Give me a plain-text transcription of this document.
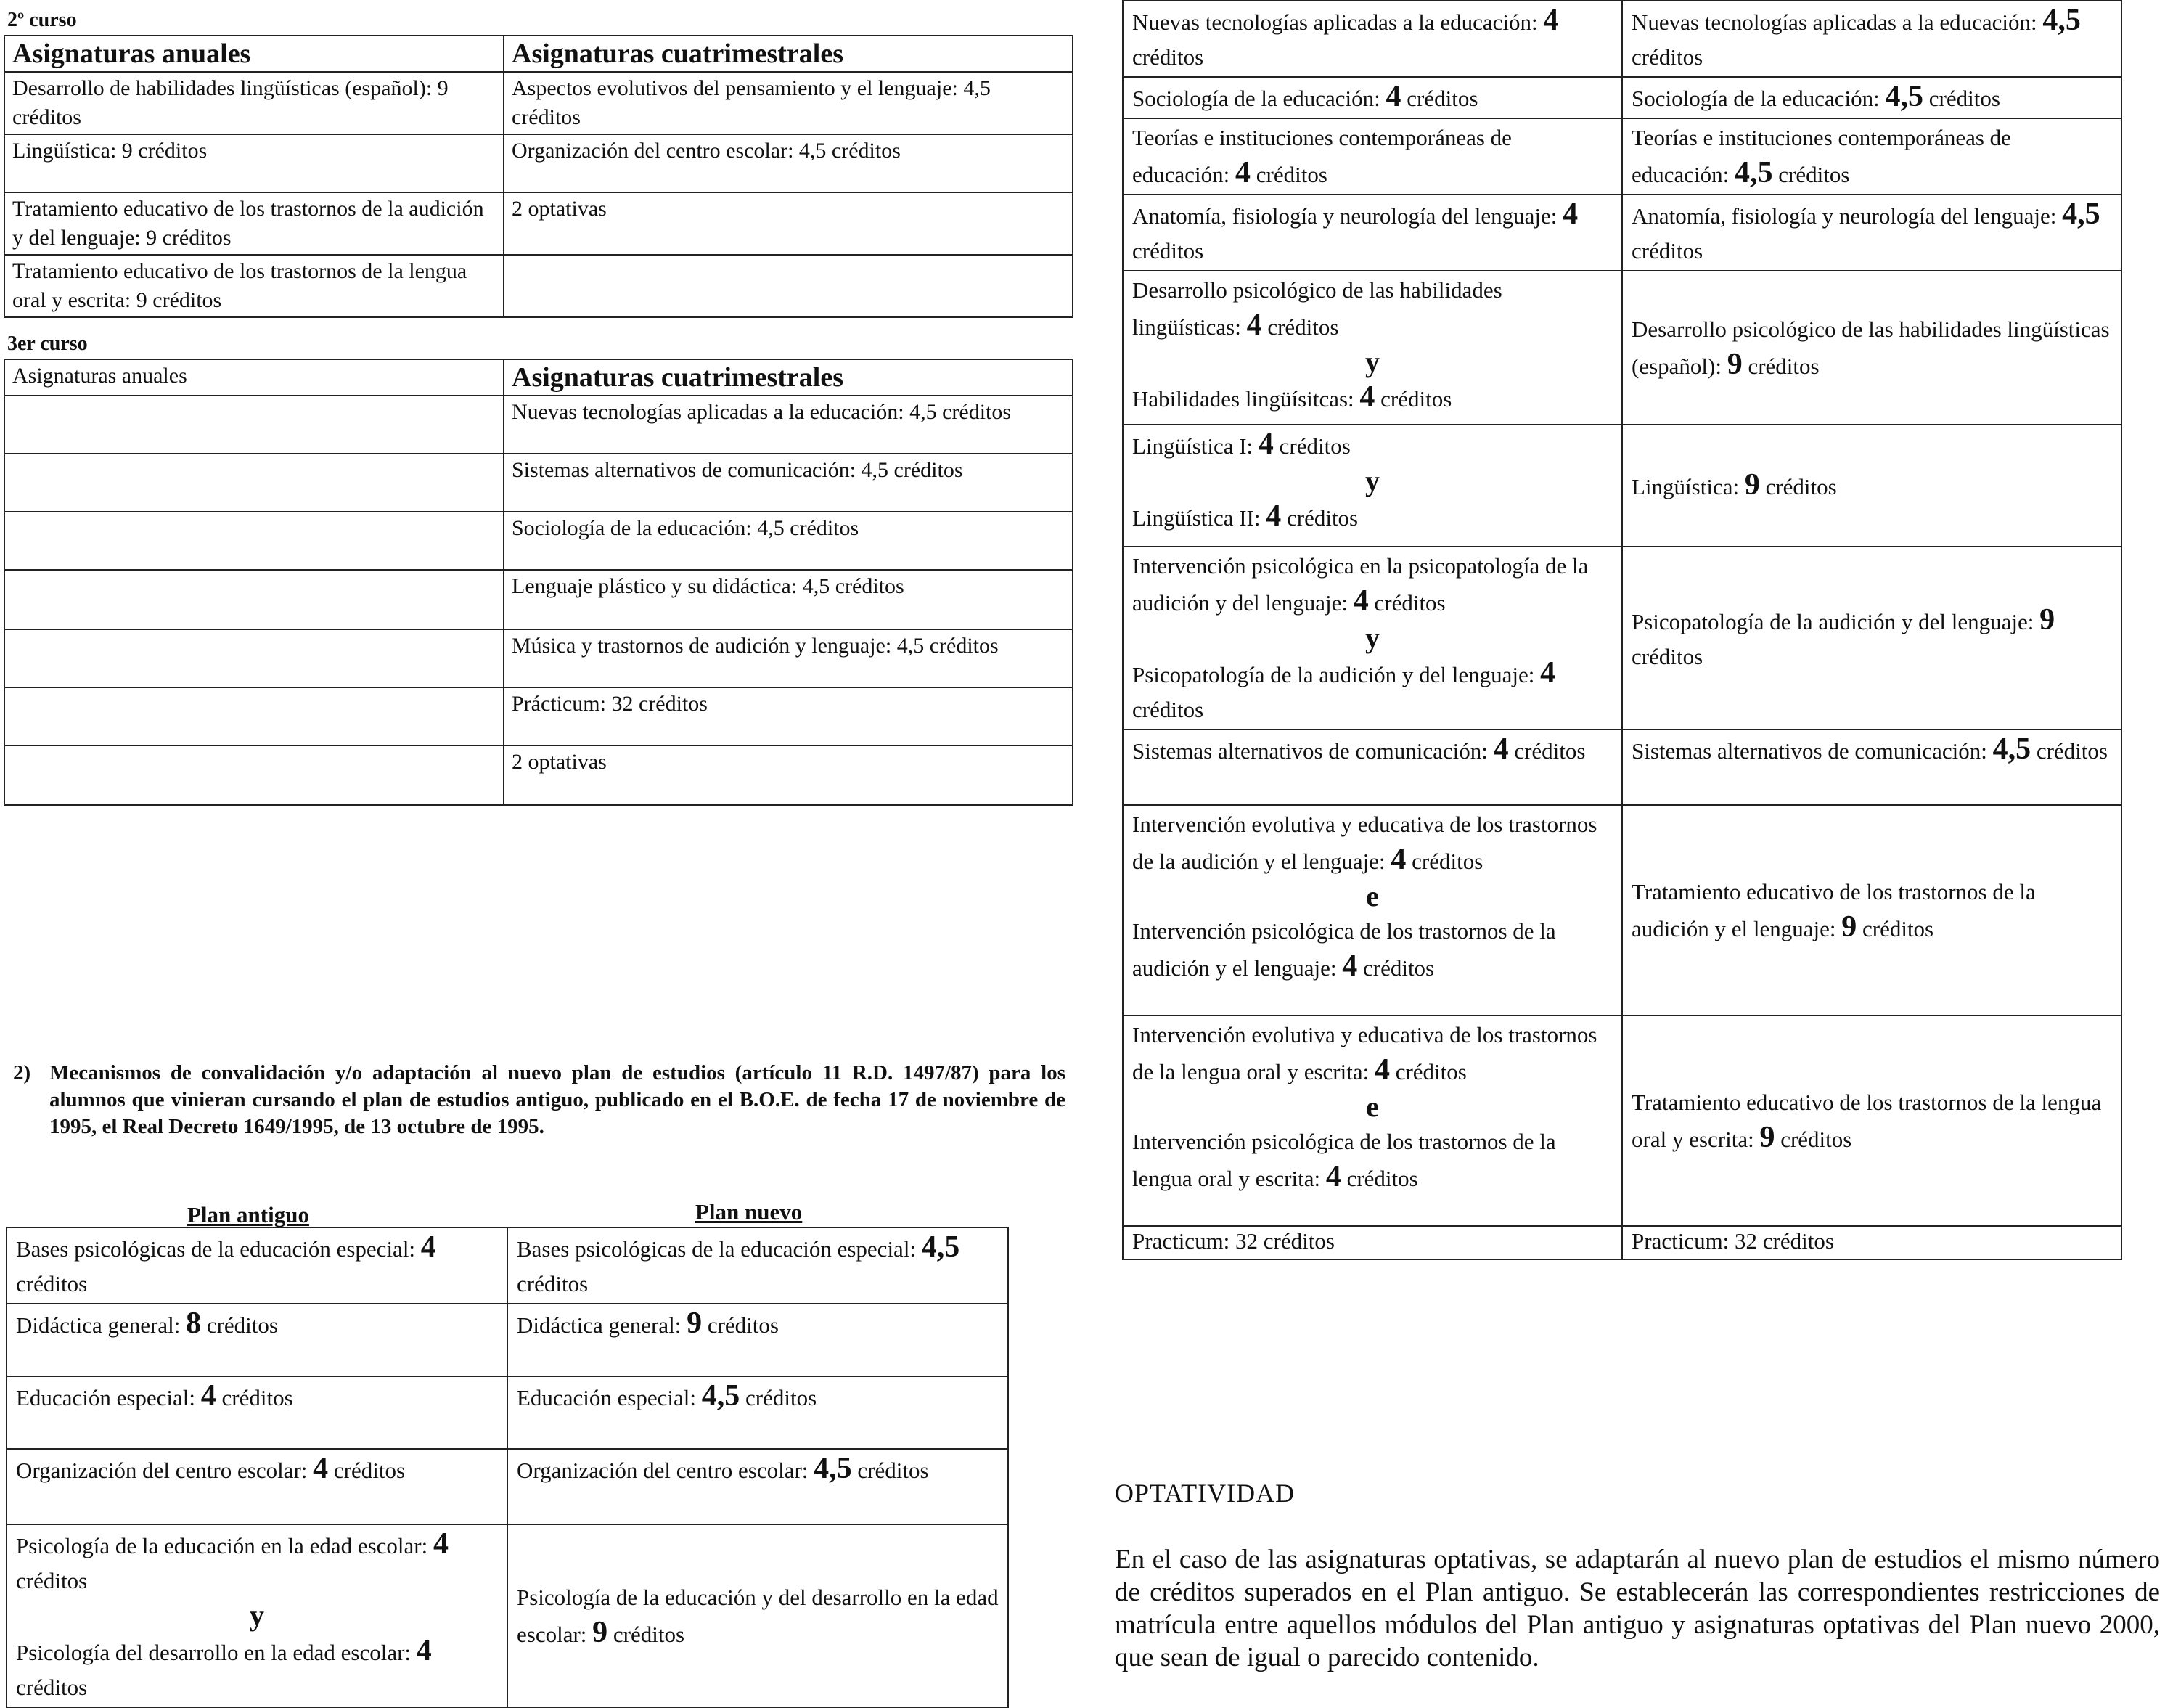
2º curso
Asignaturas anuales	Asignaturas cuatrimestrales
Desarrollo de habilidades lingüísticas (español): 9 créditos	Aspectos evolutivos del pensamiento y el lenguaje: 4,5 créditos
Lingüística: 9 créditos	Organización del centro escolar: 4,5 créditos
Tratamiento educativo de los trastornos de la audición y del lenguaje: 9 créditos	2 optativas
Tratamiento educativo de los trastornos de la lengua oral y escrita: 9 créditos	
3er curso
Asignaturas anuales	Asignaturas cuatrimestrales
	Nuevas tecnologías aplicadas a la educación: 4,5 créditos
	Sistemas alternativos de comunicación: 4,5 créditos
	Sociología de la educación: 4,5 créditos
	Lenguaje plástico y su didáctica: 4,5 créditos
	Música y trastornos de audición y lenguaje: 4,5 créditos
	Prácticum: 32 créditos
	2 optativas
2) Mecanismos de convalidación y/o adaptación al nuevo plan de estudios (artículo 11 R.D. 1497/87) para los alumnos que vinieran cursando el plan de estudios antiguo, publicado en el B.O.E. de fecha 17 de noviembre de 1995, el Real Decreto 1649/1995, de 13 octubre de 1995.
Plan antiguo	Plan nuevo
Bases psicológicas de la educación especial: 4 créditos	Bases psicológicas de la educación especial: 4,5 créditos

Didáctica general: 8 créditos	Didáctica general: 9 créditos

Educación especial: 4 créditos	Educación especial: 4,5 créditos

Organización del centro escolar: 4 créditos	Organización del centro escolar: 4,5 créditos

Psicología de la educación en la edad escolar: 4 créditos
y
Psicología del desarrollo en la edad escolar: 4 créditos	Psicología de la educación y del desarrollo en la edad escolar: 9 créditos
Nuevas tecnologías aplicadas a la educación: 4 créditos	Nuevas tecnologías aplicadas a la educación: 4,5 créditos

Sociología de la educación: 4 créditos	Sociología de la educación: 4,5 créditos

Teorías e instituciones contemporáneas de educación: 4 créditos	Teorías e instituciones contemporáneas de educación: 4,5 créditos

Anatomía, fisiología y neurología del lenguaje: 4 créditos	Anatomía, fisiología y neurología del lenguaje: 4,5 créditos

Desarrollo psicológico de las habilidades lingüísticas: 4 créditos
y
Habilidades lingüísitcas: 4 créditos	Desarrollo psicológico de las habilidades lingüísticas (español): 9 créditos

Lingüística I: 4 créditos
y
Lingüística II: 4 créditos	Lingüística: 9 créditos

Intervención psicológica en la psicopatología de la audición y del lenguaje: 4 créditos
y
Psicopatología de la audición y del lenguaje: 4 créditos	Psicopatología de la audición y del lenguaje: 9 créditos

Sistemas alternativos de comunicación: 4 créditos	Sistemas alternativos de comunicación: 4,5 créditos

Intervención evolutiva y educativa de los trastornos de la audición y el lenguaje: 4 créditos
e
Intervención psicológica de los trastornos de la audición y el lenguaje: 4 créditos	Tratamiento educativo de los trastornos de la audición y el lenguaje: 9 créditos

Intervención evolutiva y educativa de los trastornos de la lengua oral y escrita: 4 créditos
e
Intervención psicológica de los trastornos de la lengua oral y escrita: 4 créditos	Tratamiento educativo de los trastornos de la lengua oral y escrita: 9 créditos

Practicum: 32 créditos	Practicum: 32 créditos
OPTATIVIDAD
En el caso de las asignaturas optativas, se adaptarán al nuevo plan de estudios el mismo número de créditos superados en el Plan antiguo. Se establecerán las correspondientes restricciones de matrícula entre aquellos módulos del Plan antiguo y asignaturas optativas del Plan nuevo 2000, que sean de igual o parecido contenido.
